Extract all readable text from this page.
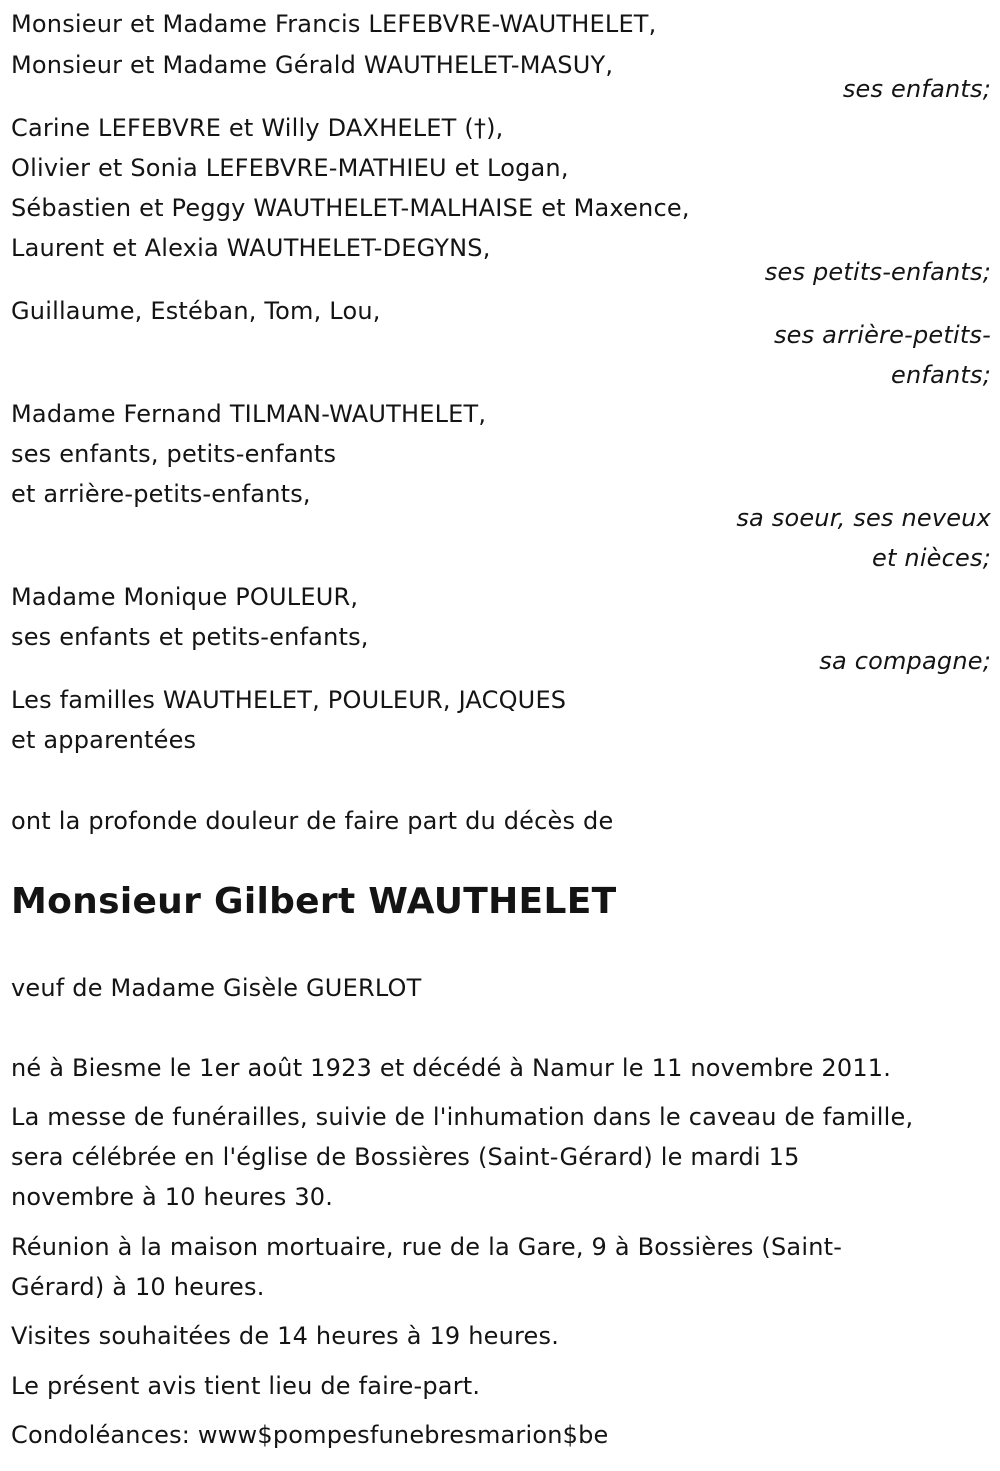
Monsieur et Madame Francis LEFEBVRE-WAUTHELET,
Monsieur et Madame Gérald WAUTHELET-MASUY,
ses enfants;
Carine LEFEBVRE et Willy DAXHELET (†),
Olivier et Sonia LEFEBVRE-MATHIEU et Logan,
Sébastien et Peggy WAUTHELET-MALHAISE et Maxence,
Laurent et Alexia WAUTHELET-DEGYNS,
ses petits-enfants;
Guillaume, Estéban, Tom, Lou,
ses arrière-petits-
enfants;
Madame Fernand TILMAN-WAUTHELET,
ses enfants, petits-enfants
et arrière-petits-enfants,
sa soeur, ses neveux
et nièces;
Madame Monique POULEUR,
ses enfants et petits-enfants,
sa compagne;
Les familles WAUTHELET, POULEUR, JACQUES
et apparentées
ont la profonde douleur de faire part du décès de
Monsieur Gilbert WAUTHELET
veuf de Madame Gisèle GUERLOT
né à Biesme le 1er août 1923 et décédé à Namur le 11 novembre 2011.
La messe de funérailles, suivie de l'inhumation dans le caveau de famille,
sera célébrée en l'église de Bossières (Saint-Gérard) le mardi 15
novembre à 10 heures 30.
Réunion à la maison mortuaire, rue de la Gare, 9 à Bossières (Saint-
Gérard) à 10 heures.
Visites souhaitées de 14 heures à 19 heures.
Le présent avis tient lieu de faire-part.
Condoléances: www$pompesfunebresmarion$be
